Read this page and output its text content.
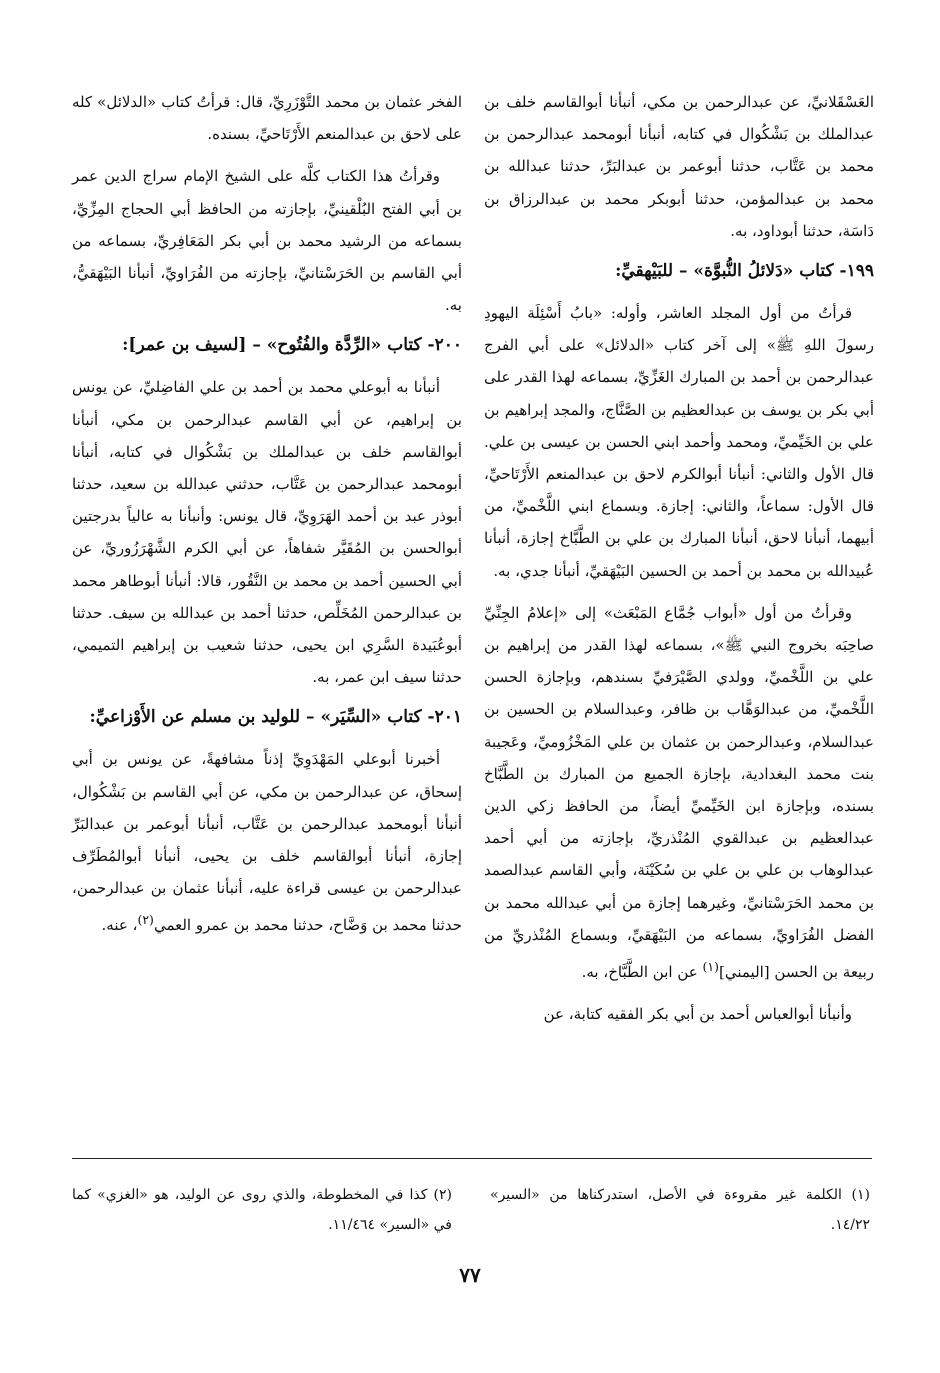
العَسْقَلانيِّ، عن عبدالرحمن بن مكي، أنبأنا أبوالقاسم خلف بن عبدالملك بن بَشْكُوال في كتابه، أنبأنا أبومحمد عبدالرحمن بن محمد بن عَتَّاب، حدثنا أبوعمر بن عبدالبَرِّ، حدثنا عبدالله بن محمد بن عبدالمؤمن، حدثنا أبوبكر محمد بن عبدالرزاق بن دَاسَة، حدثنا أبوداود، به.

١٩٩- كتاب «دَلائلُ النُّبوَّة» – للبَيْهقيِّ:

قرأتُ من أول المجلد العاشر، وأوله: «بابُ أَسْئِلَة اليهودِ رسولَ اللهِ ﷺ» إلى آخر كتاب «الدلائل» على أبي الفرج عبدالرحمن بن أحمد بن المبارك الغَزِّيِّ، بسماعه لهذا القدر على أبي بكر بن يوسف بن عبدالعظيم بن الصَّنَّاج، والمجد إبراهيم بن علي بن الخَيِّميِّ، ومحمد وأحمد ابني الحسن بن عيسى بن علي. قال الأول والثاني: أنبأنا أبوالكرم لاحق بن عبدالمنعم الأَرْتَاحيِّ، قال الأول: سماعاً، والثاني: إجازة. وبسماع ابني اللَّخْميِّ، من أبيهما، أنبأنا لاحق، أنبأنا المبارك بن علي بن الطَّبَّاخ إجازة، أنبأنا عُبيدالله بن محمد بن أحمد بن الحسين البَيْهَقيِّ، أنبأنا جدي، به.

وقرأتُ من أول «أبواب جُمَّاع المَبْعَث» إلى «إعلامُ الجِنِّيِّ صاحِبَه بخروج النبي ﷺ»، بسماعه لهذا القدر من إبراهيم بن علي بن اللَّخْميِّ، وولدي الصَّيْرَفيِّ بسندهم، وبإجازة الحسن اللَّخْميِّ، من عبدالوَهَّاب بن ظافر، وعبدالسلام بن الحسين بن عبدالسلام، وعبدالرحمن بن عثمان بن علي المَخْزُوميِّ، وعَجيبة بنت محمد البغدادية، بإجازة الجميع من المبارك بن الطَّبَّاخ بسنده، وبإجازة ابن الخَيِّميِّ أيضاً، من الحافظ زكي الدين عبدالعظيم بن عبدالقوي المُنْذريِّ، بإجازته من أبي أحمد عبدالوهاب بن علي بن علي بن سُكَيْنَة، وأبي القاسم عبدالصمد بن محمد الحَرَسْتانيِّ، وغيرهما إجازة من أبي عبدالله محمد بن الفضل الفُرَاويِّ، بسماعه من البَيْهَقيِّ، وبسماع المُنْذريِّ من ربيعة بن الحسن [اليمني]$^{(١)}$ عن ابن الطَّبَّاخ، به.

وأنبأنا أبوالعباس أحمد بن أبي بكر الفقيه كتابة، عن

الفخر عثمان بن محمد التَّوْزَرِيِّ، قال: قرأتُ كتاب «الدلائل» كله على لاحق بن عبدالمنعم الأَرْتَاحيِّ، بسنده.

وقرأتُ هذا الكتاب كلَّه على الشيخ الإمام سراج الدين عمر بن أبي الفتح البُلْقينيِّ، بإجازته من الحافظ أبي الحجاج المِزِّيِّ، بسماعه من الرشيد محمد بن أبي بكر المَعَافِريِّ، بسماعه من أبي القاسم بن الحَرَسْتانيِّ، بإجازته من الفُرَاويِّ، أنبأنا البَيْهَقيُّ، به.

٢٠٠- كتاب «الرِّدَّة والفُتُوح» – [لسيف بن عمر]:

أنبأنا به أبوعلي محمد بن أحمد بن علي الفاضِليِّ، عن يونس بن إبراهيم، عن أبي القاسم عبدالرحمن بن مكي، أنبأنا أبوالقاسم خلف بن عبدالملك بن بَشْكُوال في كتابه، أنبأنا أبومحمد عبدالرحمن بن عَتَّاب، حدثني عبدالله بن سعيد، حدثنا أبوذر عبد بن أحمد الهَرَوِيِّ، قال يونس: وأنبأنا به عالياً بدرجتين أبوالحسن بن المُقَيَّر شفاهاً، عن أبي الكرم الشَّهْرَزُوريِّ، عن أبي الحسين أحمد بن محمد بن النَّقُور، قالا: أنبأنا أبوطاهر محمد بن عبدالرحمن المُخَلِّص، حدثنا أحمد بن عبدالله بن سيف. حدثنا أبوعُبَيدة السَّرِي ابن يحيى، حدثنا شعيب بن إبراهيم التميمي، حدثنا سيف ابن عمر، به.

٢٠١- كتاب «السِّيَر» – للوليد بن مسلم عن الأَوْزاعيِّ:

أخبرنا أبوعلي المَهْدَوِيِّ إذناً مشافهةً، عن يونس بن أبي إسحاق، عن عبدالرحمن بن مكي، عن أبي القاسم بن بَشْكُوال، أنبأنا أبومحمد عبدالرحمن بن عَتَّاب، أنبأنا أبوعمر بن عبدالبَرِّ إجازة، أنبأنا أبوالقاسم خلف بن يحيى، أنبأنا أبوالمُطَرِّف عبدالرحمن بن عيسى قراءة عليه، أنبأنا عثمان بن عبدالرحمن، حدثنا محمد بن وَضَّاح، حدثنا محمد بن عمرو العمي$^{(٢)}$، عنه.

(١) الكلمة غير مقروءة في الأصل، استدركناها من «السير» ١٤/٢٢.
(٢) كذا في المخطوطة، والذي روى عن الوليد، هو «الغزي» كما في «السير» ١١/٤٦٤.
٧٧
